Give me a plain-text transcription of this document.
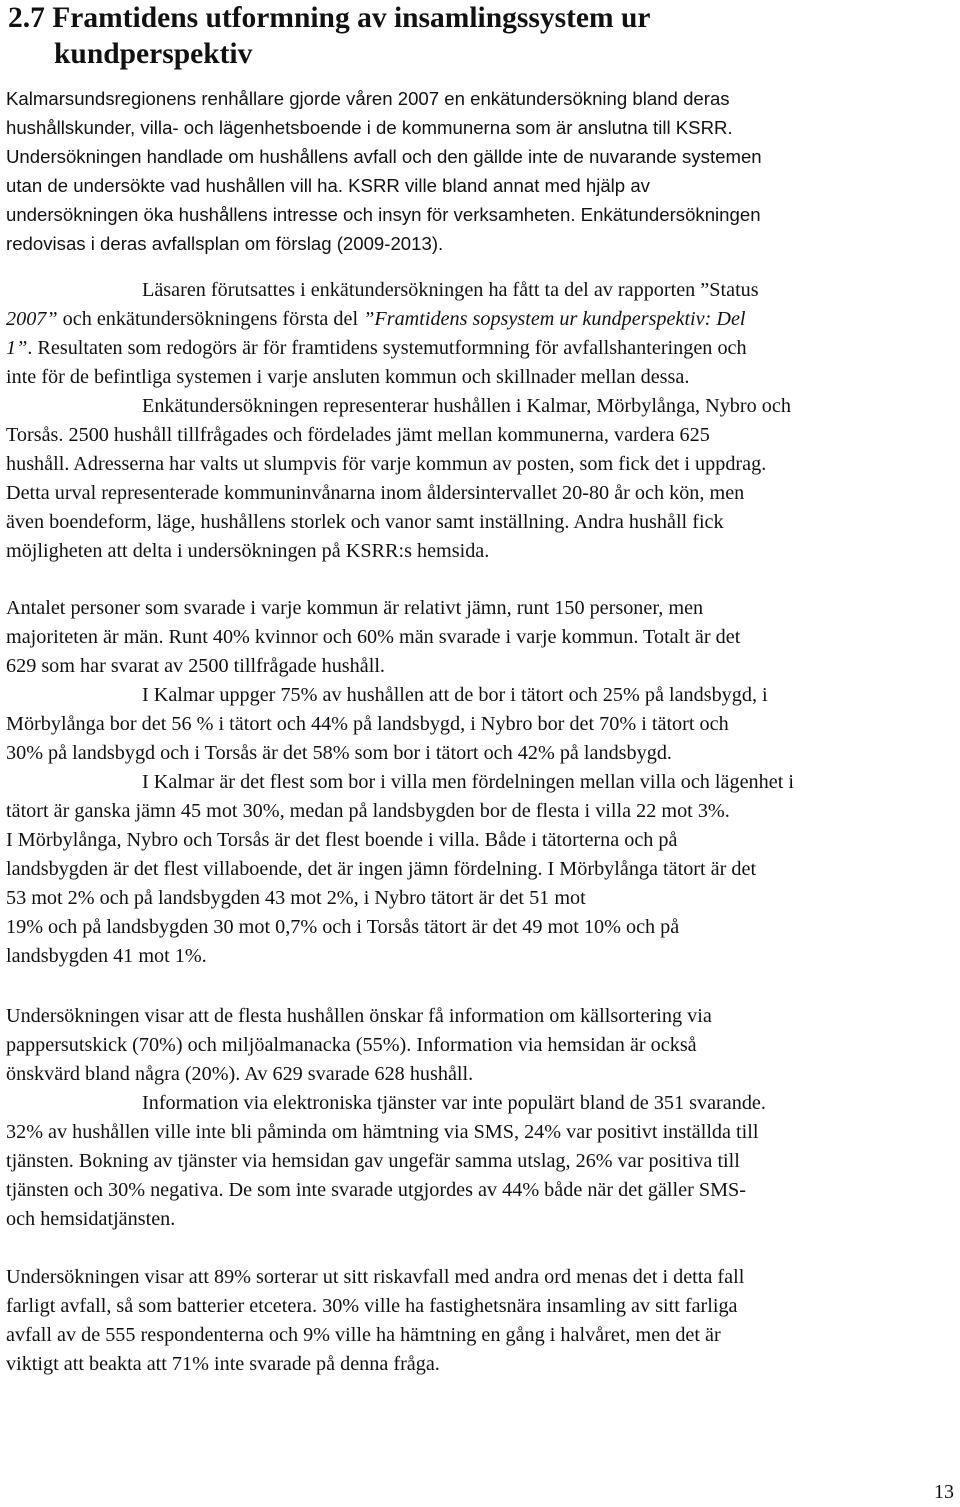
2.7 Framtidens utformning av insamlingssystem ur
kundperspektiv
Kalmarsundsregionens renhållare gjorde våren 2007 en enkätundersökning bland deras
hushållskunder, villa- och lägenhetsboende i de kommunerna som är anslutna till KSRR.
Undersökningen handlade om hushållens avfall och den gällde inte de nuvarande systemen
utan de undersökte vad hushållen vill ha. KSRR ville bland annat med hjälp av
undersökningen öka hushållens intresse och insyn för verksamheten. Enkätundersökningen
redovisas i deras avfallsplan om förslag (2009-2013).
Läsaren förutsattes i enkätundersökningen ha fått ta del av rapporten ”Status
2007” och enkätundersökningens första del ”Framtidens sopsystem ur kundperspektiv: Del
1”. Resultaten som redogörs är för framtidens systemutformning för avfallshanteringen och
inte för de befintliga systemen i varje ansluten kommun och skillnader mellan dessa.
Enkätundersökningen representerar hushållen i Kalmar, Mörbylånga, Nybro och
Torsås. 2500 hushåll tillfrågades och fördelades jämt mellan kommunerna, vardera 625
hushåll. Adresserna har valts ut slumpvis för varje kommun av posten, som fick det i uppdrag.
Detta urval representerade kommuninvånarna inom åldersintervallet 20-80 år och kön, men
även boendeform, läge, hushållens storlek och vanor samt inställning. Andra hushåll fick
möjligheten att delta i undersökningen på KSRR:s hemsida.
Antalet personer som svarade i varje kommun är relativt jämn, runt 150 personer, men
majoriteten är män. Runt 40% kvinnor och 60% män svarade i varje kommun. Totalt är det
629 som har svarat av 2500 tillfrågade hushåll.
I Kalmar uppger 75% av hushållen att de bor i tätort och 25% på landsbygd, i
Mörbylånga bor det 56 % i tätort och 44% på landsbygd, i Nybro bor det 70% i tätort och
30% på landsbygd och i Torsås är det 58% som bor i tätort och 42% på landsbygd.
I Kalmar är det flest som bor i villa men fördelningen mellan villa och lägenhet i
tätort är ganska jämn 45 mot 30%, medan på landsbygden bor de flesta i villa 22 mot 3%.
I Mörbylånga, Nybro och Torsås är det flest boende i villa. Både i tätorterna och på
landsbygden är det flest villaboende, det är ingen jämn fördelning. I Mörbylånga tätort är det
53 mot 2% och på landsbygden 43 mot 2%, i Nybro tätort är det 51 mot
19% och på landsbygden 30 mot 0,7% och i Torsås tätort är det 49 mot 10% och på
landsbygden 41 mot 1%.
Undersökningen visar att de flesta hushållen önskar få information om källsortering via
pappersutskick (70%) och miljöalmanacka (55%). Information via hemsidan är också
önskvärd bland några (20%). Av 629 svarade 628 hushåll.
Information via elektroniska tjänster var inte populärt bland de 351 svarande.
32% av hushållen ville inte bli påminda om hämtning via SMS, 24% var positivt inställda till
tjänsten. Bokning av tjänster via hemsidan gav ungefär samma utslag, 26% var positiva till
tjänsten och 30% negativa. De som inte svarade utgjordes av 44% både när det gäller SMS-
och hemsidatjänsten.
Undersökningen visar att 89% sorterar ut sitt riskavfall med andra ord menas det i detta fall
farligt avfall, så som batterier etcetera. 30% ville ha fastighetsnära insamling av sitt farliga
avfall av de 555 respondenterna och 9% ville ha hämtning en gång i halvåret, men det är
viktigt att beakta att 71% inte svarade på denna fråga.
13
